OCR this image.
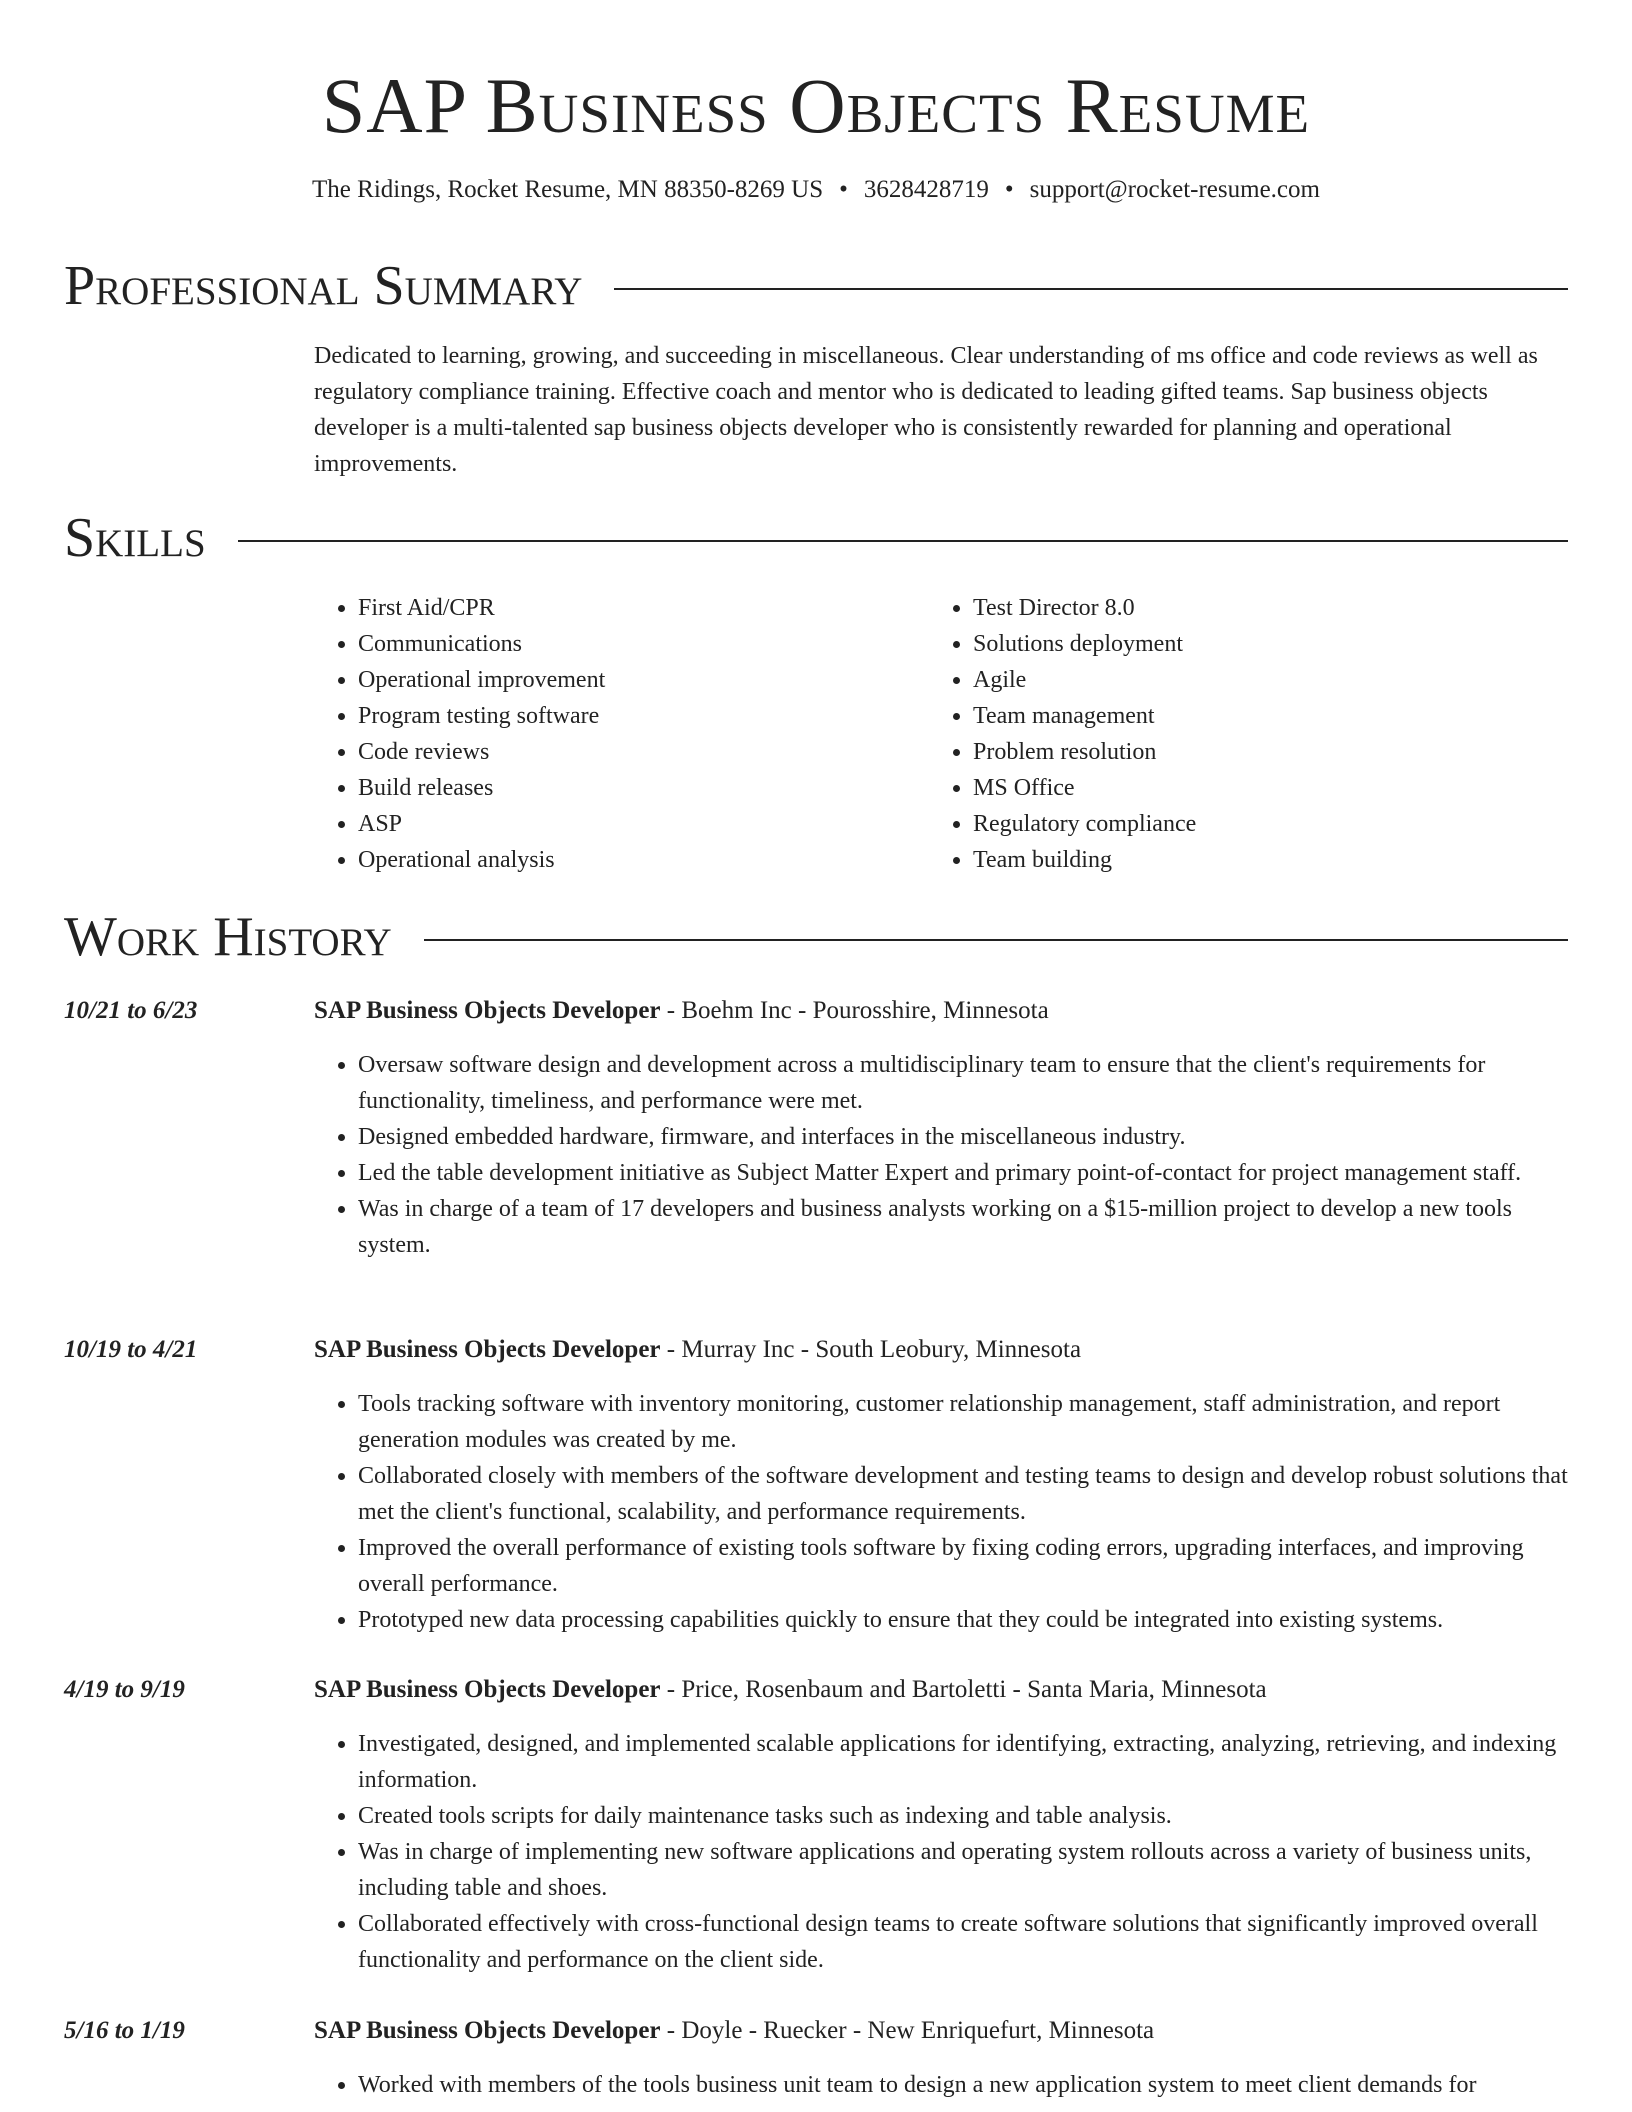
SAP Business Objects Resume
The Ridings, Rocket Resume, MN 88350-8269 US • 3628428719 • support@rocket-resume.com
Professional Summary
Dedicated to learning, growing, and succeeding in miscellaneous. Clear understanding of ms office and code reviews as well as regulatory compliance training. Effective coach and mentor who is dedicated to leading gifted teams. Sap business objects developer is a multi-talented sap business objects developer who is consistently rewarded for planning and operational improvements.
Skills
• First Aid/CPR
• Communications
• Operational improvement
• Program testing software
• Code reviews
• Build releases
• ASP
• Operational analysis
• Test Director 8.0
• Solutions deployment
• Agile
• Team management
• Problem resolution
• MS Office
• Regulatory compliance
• Team building
Work History
10/21 to 6/23	SAP Business Objects Developer - Boehm Inc - Pourosshire, Minnesota
• Oversaw software design and development across a multidisciplinary team to ensure that the client's requirements for functionality, timeliness, and performance were met.
• Designed embedded hardware, firmware, and interfaces in the miscellaneous industry.
• Led the table development initiative as Subject Matter Expert and primary point-of-contact for project management staff.
• Was in charge of a team of 17 developers and business analysts working on a $15-million project to develop a new tools system.
10/19 to 4/21	SAP Business Objects Developer - Murray Inc - South Leobury, Minnesota
• Tools tracking software with inventory monitoring, customer relationship management, staff administration, and report generation modules was created by me.
• Collaborated closely with members of the software development and testing teams to design and develop robust solutions that met the client's functional, scalability, and performance requirements.
• Improved the overall performance of existing tools software by fixing coding errors, upgrading interfaces, and improving overall performance.
• Prototyped new data processing capabilities quickly to ensure that they could be integrated into existing systems.
4/19 to 9/19	SAP Business Objects Developer - Price, Rosenbaum and Bartoletti - Santa Maria, Minnesota
• Investigated, designed, and implemented scalable applications for identifying, extracting, analyzing, retrieving, and indexing information.
• Created tools scripts for daily maintenance tasks such as indexing and table analysis.
• Was in charge of implementing new software applications and operating system rollouts across a variety of business units, including table and shoes.
• Collaborated effectively with cross-functional design teams to create software solutions that significantly improved overall functionality and performance on the client side.
5/16 to 1/19	SAP Business Objects Developer - Doyle - Ruecker - New Enriquefurt, Minnesota
• Worked with members of the tools business unit team to design a new application system to meet client demands for
